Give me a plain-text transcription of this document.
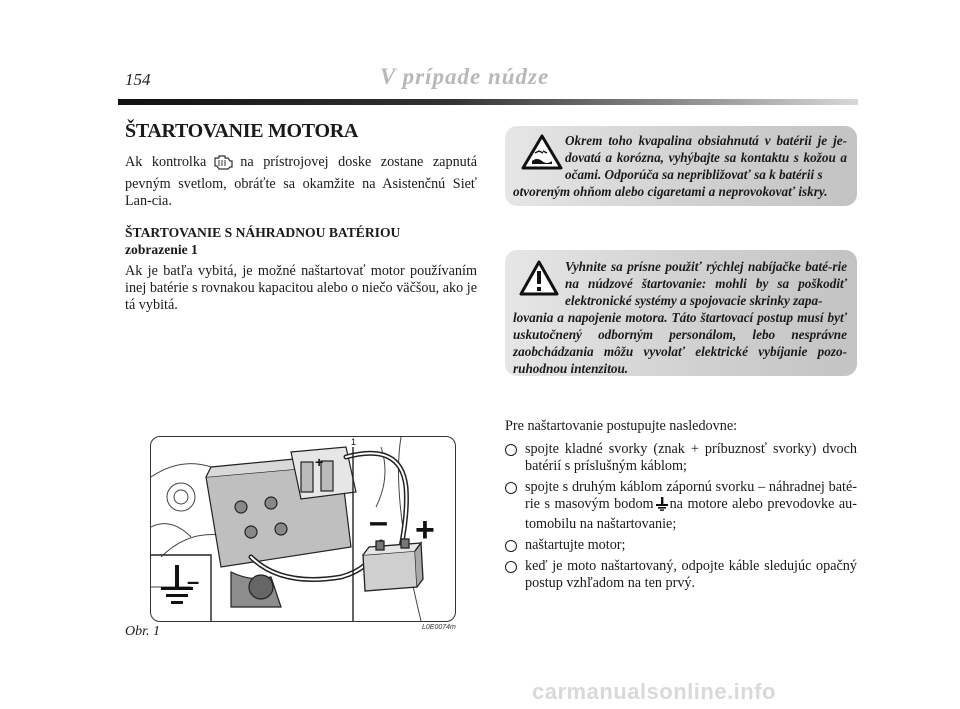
154	V prípade núdze
ŠTARTOVANIE MOTORA

Ak kontrolka na prístrojovej doske zostane zapnutá pevným svetlom, obráťte sa okamžite na Asistenčnú Sieť Lan-cia.

ŠTARTOVANIE S NÁHRADNOU BATÉRIOU
zobrazenie 1

Ak je batľa vybitá, je možné naštartovať motor používaním inej batérie s rovnakou kapacitou alebo o niečo väčšou, ako je tá vybitá.

Okrem toho kvapalina obsiahnutá v batérii je je-dovatá a korózna, vyhýbajte sa kontaktu s kožou a očami. Odporúča sa nepribližovať sa k batérii s
otvoreným ohňom alebo cigaretami a neprovokovať iskry.
Vyhnite sa prísne použiť rýchlej nabíjačke baté-rie na núdzové štartovanie: mohli by sa poškodiť elektronické systémy a spojovacie skrinky zapa-
lovania a napojenie motora. Táto štartovací postup musí byť uskutočnený odborným personálom, lebo nesprávne zaobchádzania môžu vyvolať elektrické vybíjanie pozo-ruhodnou intenzitou.

Pre naštartovanie postupujte nasledovne:

spojte kladné svorky (znak + príbuznosť svorky) dvoch batérií s príslušným káblom;
spojte s druhým káblom zápornú svorku – náhradnej baté-rie s masovým bodom na motore alebo prevodovke au-tomobilu na naštartovanie;
naštartujte motor;
keď je moto naštartovaný, odpojte káble sledujúc opačný postup vzhľadom na ten prvý.
+
1
–
– +
Obr. 1	L0E0074m
carmanualsonline.info
